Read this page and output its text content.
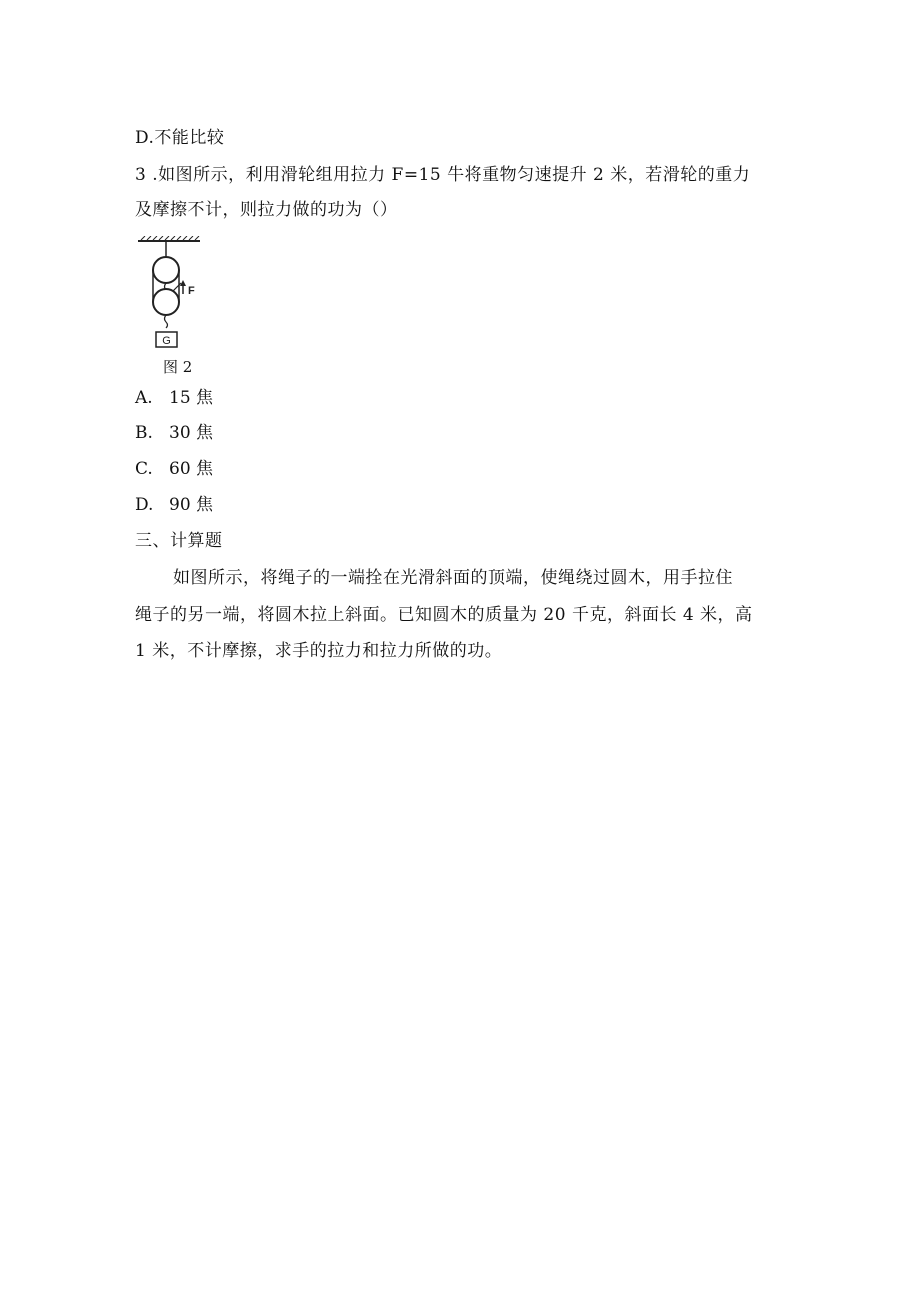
D.不能比较
3 .如图所示，利用滑轮组用拉力 F=15 牛将重物匀速提升 2 米，若滑轮的重力
及摩擦不计，则拉力做的功为（）
F
G
图 2
A. 15 焦
B. 30 焦
C. 60 焦
D. 90 焦
三、计算题
如图所示，将绳子的一端拴在光滑斜面的顶端，使绳绕过圆木，用手拉住
绳子的另一端，将圆木拉上斜面。已知圆木的质量为 20 千克，斜面长 4 米，高
1 米，不计摩擦，求手的拉力和拉力所做的功。
